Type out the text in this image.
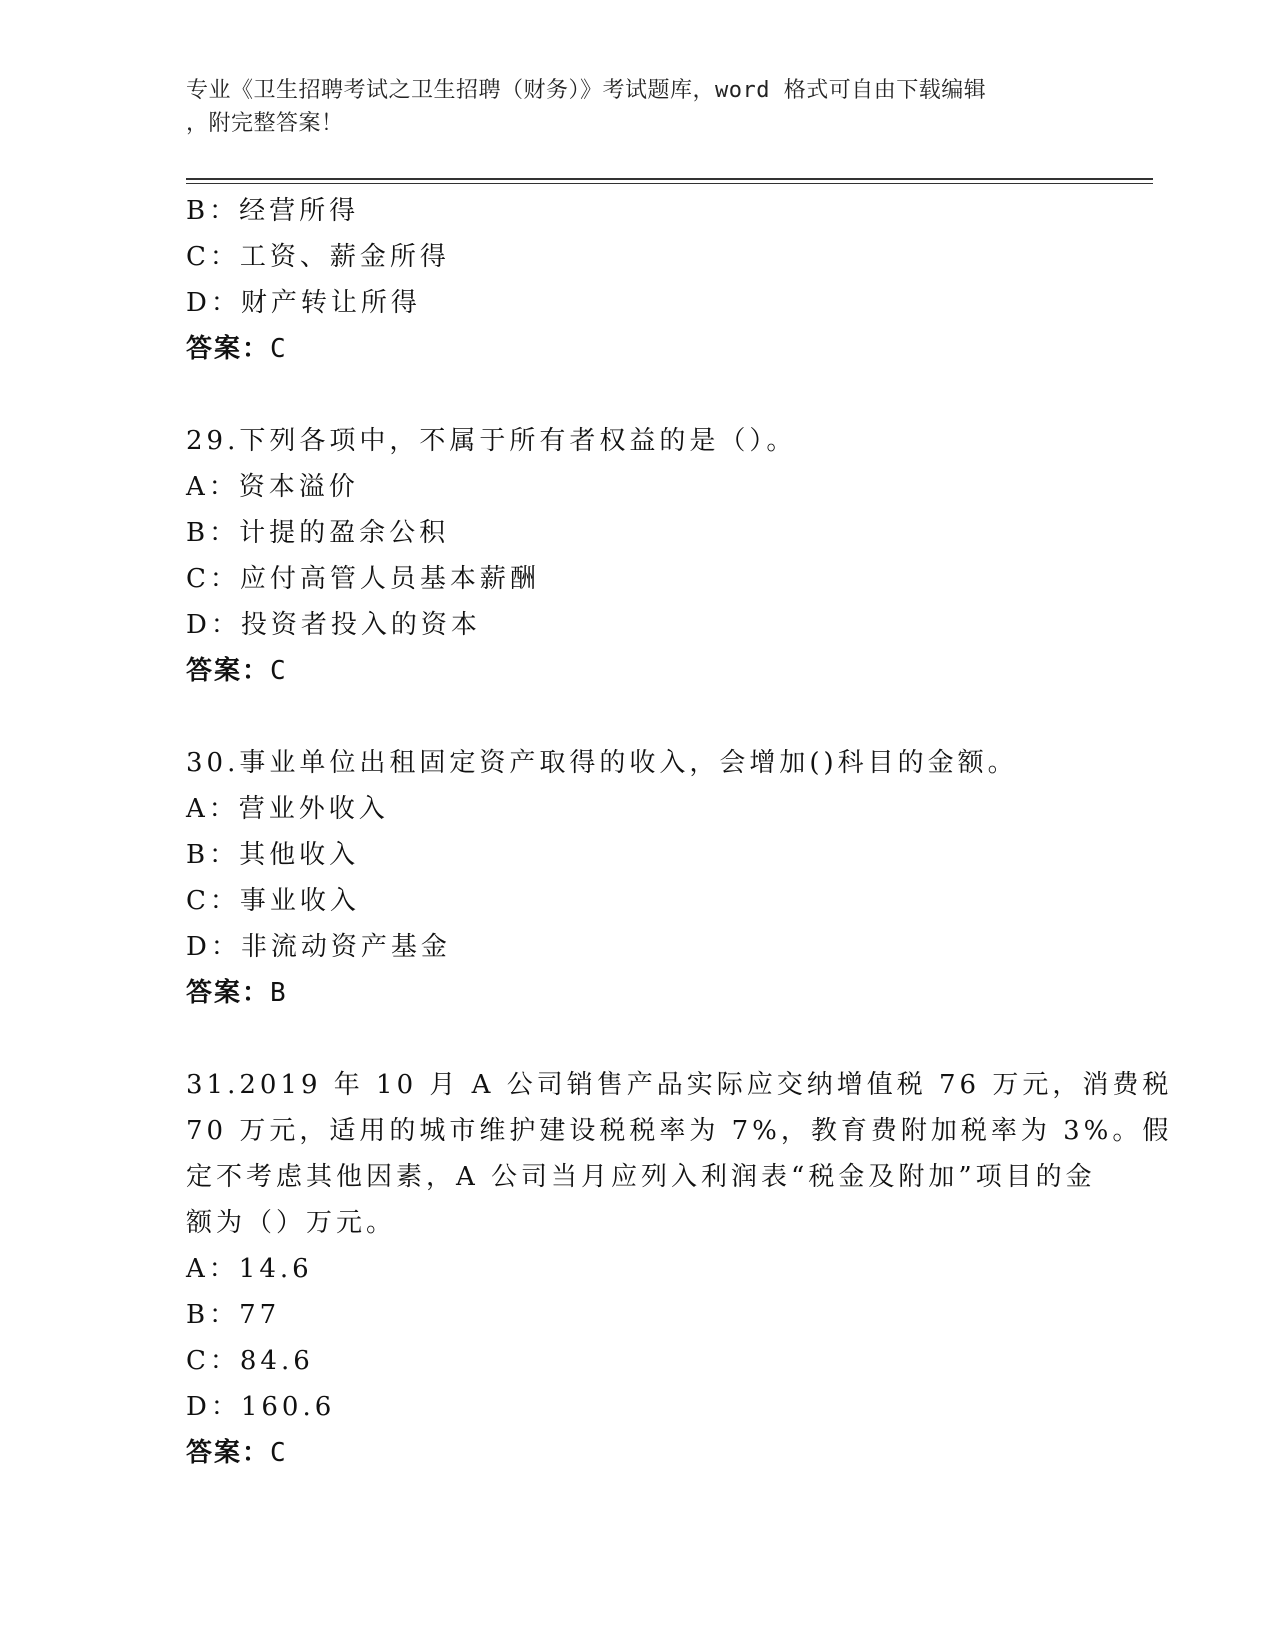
专业《卫生招聘考试之卫生招聘（财务）》考试题库，word 格式可自由下载编辑
，附完整答案！
B：经营所得
C：工资、薪金所得
D：财产转让所得
答案：C
29.下列各项中，不属于所有者权益的是（）。
A：资本溢价
B：计提的盈余公积
C：应付高管人员基本薪酬
D：投资者投入的资本
答案：C
30.事业单位出租固定资产取得的收入，会增加()科目的金额。
A：营业外收入
B：其他收入
C：事业收入
D：非流动资产基金
答案：B
31.2019 年 10 月 A 公司销售产品实际应交纳增值税 76 万元，消费税
70 万元，适用的城市维护建设税税率为 7%，教育费附加税率为 3%。假
定不考虑其他因素，A 公司当月应列入利润表“税金及附加”项目的金
额为（）万元。
A：14.6
B：77
C：84.6
D：160.6
答案：C
